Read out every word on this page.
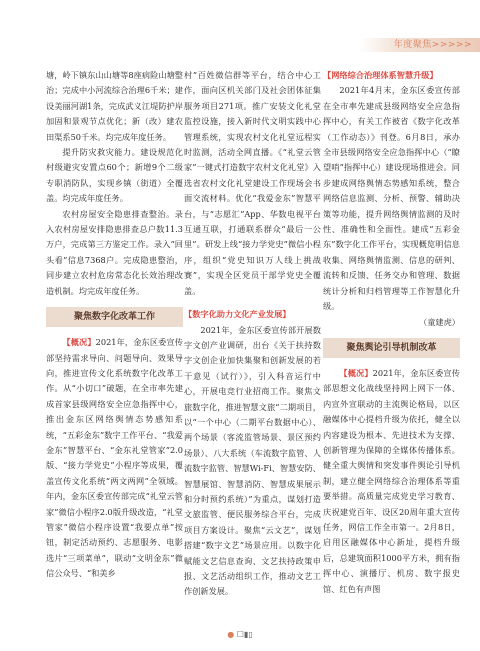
年度聚焦>>>>>

塘，岭下镇东山山塘等8座病险山塘整治；完成中小河流综合治理6千米；建设美丽河湖1条，完成武义江堤防护岸加固和景观节点优化；新（改）建农田渠系50千米。均完成年度任务。

提升防灾救灾能力。建设规范化村级避灾安置点60个；新增9个二级专职消防队，实现乡镇（街道）全覆盖。均完成年度任务。

农村房屋安全隐患排查整治。录入农村房屋安排隐患排查总户数11.3万户，完成第三方鉴定工作。录入“回头看”信息7368户。完成隐患整治，同步建立农村危房常态化长效治理改造机制。均完成年度任务。

聚焦数字化改革工作

【概况】2021年，金东区委宣传部坚持需求导向、问题导向、效果导向，推进宣传文化系统数字化改革工作。从“小切口”破题，在全市率先建成首家县级网络安全应急指挥中心，推出金东区网络舆情态势感知系统，“五彩金东”数字工作平台、“我爱金东”智慧平台、“金东礼堂管家”2.0版、“接力学党史”小程序等成果，覆盖宣传文化系统“两文两网”全领域。年内，金东区委宣传部完成“礼堂云管家”微信小程序2.0版升级改造，“礼堂管家”微信小程序设置“我要点单”按钮，制定活动预约、志愿服务、电影选片“三项菜单”，联动“文明金东”微信公众号、“和美乡

村”百姓微信群等平台，结合中心工作，面向区机关部门及社会团体征集服务项目271项。推广安装文化礼堂监控设施，接入新时代文明实践中心管理系统，实现农村文化礼堂远程实时监测，活动全网直播。《“礼堂云管家”一键式打造数字农村文化礼堂》入选省农村文化礼堂建设工作现场会书面交流材料。优化“我爱金东”智慧平台，与“志愿汇”App、华数电视平台互通互联，打通联系群众“最后一公里”。研发上线“接力学党史”微信小程序，组织“党史知识万人线上挑战赛”，实现全区党员干部学党史全覆盖。

【数字化助力文化产业发展】

2021年，金东区委宣传部开展数字文创产业调研，出台《关于扶持数字文创企业加快集聚和创新发展的若干意见（试行）》，引入科音运行中心，开展电竞行业招商工作。聚焦文旅数字化，推进智慧文旅“二期项目，以“一个中心（二期平台数据中心）、两个场景（客流监管场景、景区预约场景）、八大系统（车流数字监管、人流数字监管、智慧Wi-Fi、智慧安防、智慧展馆、智慧消防、智慧成果展示和分时预约系统）”为重点，谋划打造文旅监管、便民服务综合平台，完成项目方案设计。聚焦“云文艺”，谋划搭建“数字文艺”场景应用。以数字化赋能文艺信息查询、文艺扶持政策申报、文艺活动组织工作，推动文艺工作创新发展。

【网络综合治理体系智慧升级】

2021年4月末，金东区委宣传部在全市率先建成县级网络安全应急指挥中心，有关工作被省《数字化改革（工作动态）》刊登。6月8日，承办全市县级网络安全应急指挥中心（“瞭望哨”指挥中心）建设现场推进会。同步建成网络舆情态势感知系统，整合网络信息监测、分析、预警、辅助决策等功能，提升网络舆情监测的及时性、准确性和全面性。建成“五彩金东”数字化工作平台，实现概览明信息收集、网络舆情监测、信息的研判、流转和反馈、任务交办和管理、数据统计分析和归档管理等工作智慧化升级。

（童建虎）

聚焦舆论引导机制改革

【概况】2021年，金东区委宣传部思想文化战线坚持网上网下一体、内宣外宣联动的主流舆论格局，以区融媒体中心提档升级为依托，健全以内容建设为根本、先进技术为支撑、创新管理为保障的全媒体传播体系。健全重大舆情和突发事件舆论引导机制，建立健全网络综合治理体系等重要举措。高质量完成党史学习教育、庆祝建党百年、设区20周年重大宣传任务，网信工作全市第一。2月8日，启用区融媒体中心新址，提档升级后，总建筑面积1000平方米，拥有指挥中心、演播厅、机房、数字报史馆、红色有声图

● ☐▮▯
